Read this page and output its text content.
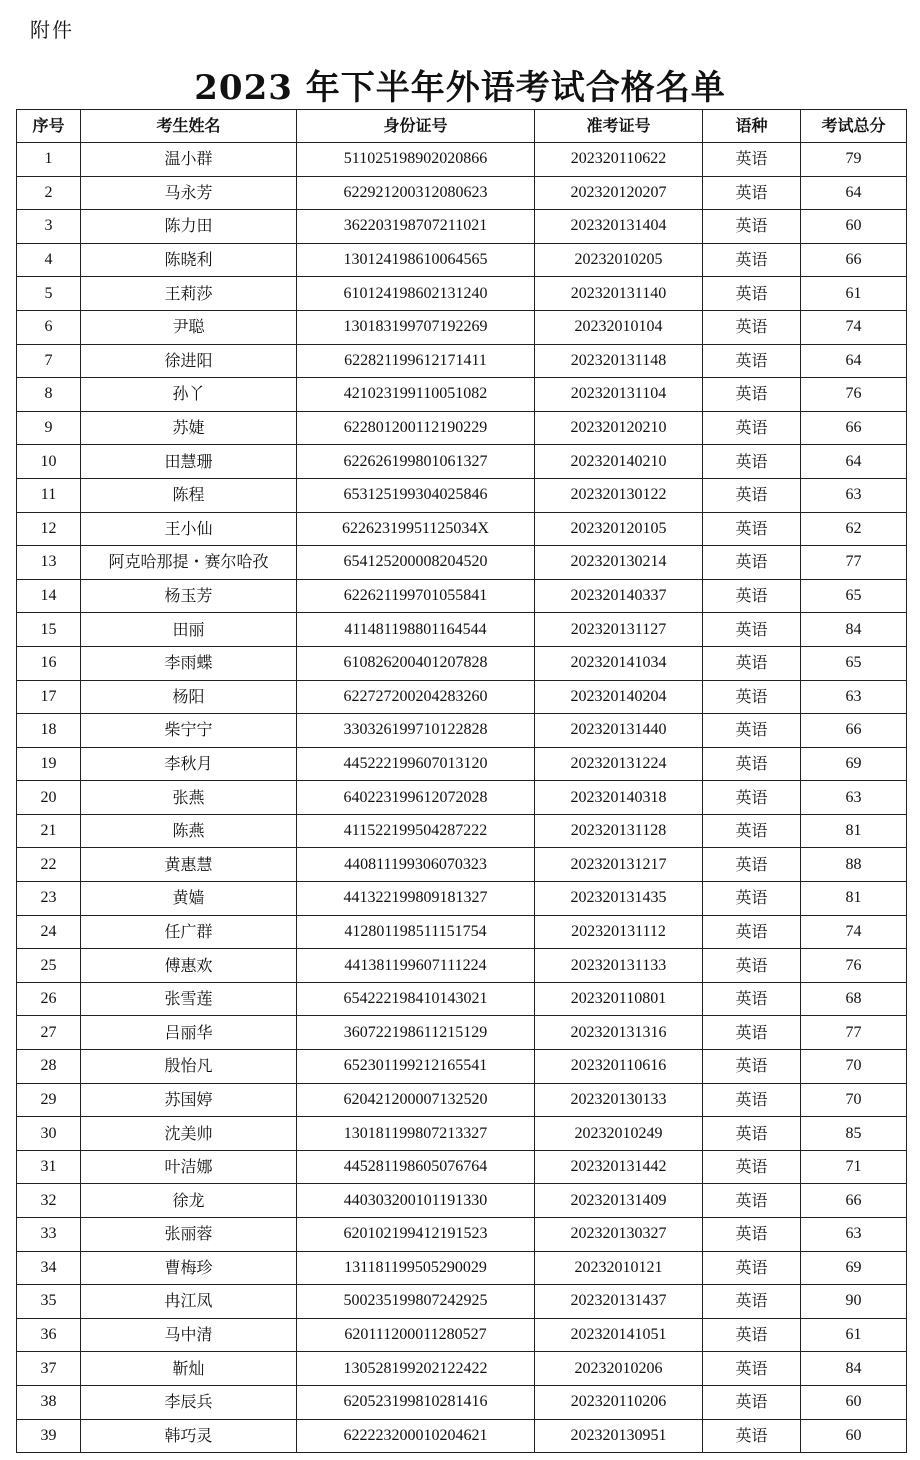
附件
2023 年下半年外语考试合格名单
序号	考生姓名	身份证号	准考证号	语种	考试总分
1	温小群	511025198902020866	202320110622	英语	79
2	马永芳	622921200312080623	202320120207	英语	64
3	陈力田	362203198707211021	202320131404	英语	60
4	陈晓利	130124198610064565	20232010205	英语	66
5	王莉莎	610124198602131240	202320131140	英语	61
6	尹聪	130183199707192269	20232010104	英语	74
7	徐进阳	622821199612171411	202320131148	英语	64
8	孙丫	421023199110051082	202320131104	英语	76
9	苏婕	622801200112190229	202320120210	英语	66
10	田慧珊	622626199801061327	202320140210	英语	64
11	陈程	653125199304025846	202320130122	英语	63
12	王小仙	62262319951125034X	202320120105	英语	62
13	阿克哈那提・赛尔哈孜	654125200008204520	202320130214	英语	77
14	杨玉芳	622621199701055841	202320140337	英语	65
15	田丽	411481198801164544	202320131127	英语	84
16	李雨蝶	610826200401207828	202320141034	英语	65
17	杨阳	622727200204283260	202320140204	英语	63
18	柴宁宁	330326199710122828	202320131440	英语	66
19	李秋月	445222199607013120	202320131224	英语	69
20	张燕	640223199612072028	202320140318	英语	63
21	陈燕	411522199504287222	202320131128	英语	81
22	黄惠慧	440811199306070323	202320131217	英语	88
23	黄嫱	441322199809181327	202320131435	英语	81
24	任广群	412801198511151754	202320131112	英语	74
25	傅惠欢	441381199607111224	202320131133	英语	76
26	张雪莲	654222198410143021	202320110801	英语	68
27	吕丽华	360722198611215129	202320131316	英语	77
28	殷怡凡	652301199212165541	202320110616	英语	70
29	苏国婷	620421200007132520	202320130133	英语	70
30	沈美帅	130181199807213327	20232010249	英语	85
31	叶洁娜	445281198605076764	202320131442	英语	71
32	徐龙	440303200101191330	202320131409	英语	66
33	张丽蓉	620102199412191523	202320130327	英语	63
34	曹梅珍	131181199505290029	20232010121	英语	69
35	冉江凤	500235199807242925	202320131437	英语	90
36	马中清	620111200011280527	202320141051	英语	61
37	靳灿	130528199202122422	20232010206	英语	84
38	李辰兵	620523199810281416	202320110206	英语	60
39	韩巧灵	622223200010204621	202320130951	英语	60
